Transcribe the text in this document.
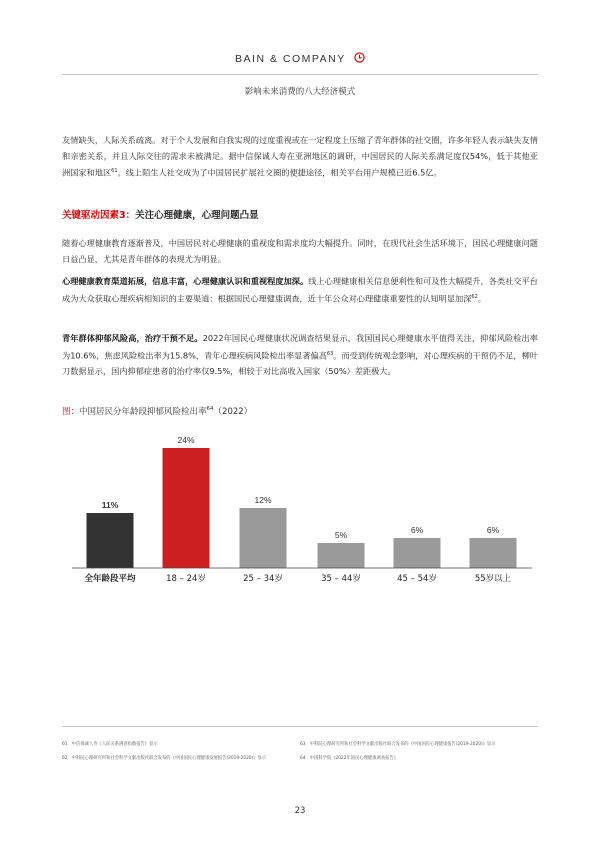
BAIN & COMPANY
影响未来消费的八大经济模式

友情缺失，人际关系疏离。对于个人发展和自我实现的过度重视或在一定程度上压缩了青年群体的社交圈，许多年轻人表示缺失友情和亲密关系，并且人际交往的需求未被满足。据中信保诚人寿在亚洲地区的调研，中国居民的人际关系满足度仅54%，低于其他亚洲国家和地区$^{61}$。线上陌生人社交成为了中国居民扩展社交圈的便捷途径，相关平台用户规模已近6.5亿。

关键驱动因素3：关注心理健康，心理问题凸显

随着心理健康教育逐渐普及，中国居民对心理健康的重视度和需求度均大幅提升。同时，在现代社会生活环境下，国民心理健康问题日益凸显，尤其是青年群体的表现尤为明显。

心理健康教育渠道拓展，信息丰富，心理健康认识和重视程度加深。线上心理健康相关信息便利性和可及性大幅提升，各类社交平台成为大众获取心理疾病相知识的主要渠道：根据国民心理健康调查，近十年公众对心理健康重要性的认知明显加深$^{62}$。

青年群体抑郁风险高，治疗干预不足。2022年国民心理健康状况调查结果显示，我国国民心理健康水平值得关注，抑郁风险检出率为10.6%，焦虑风险检出率为15.8%，青年心理疾病风险检出率显著偏高$^{63}$。而受到传统观念影响，对心理疾病的干预仍不足，柳叶刀数据显示，国内抑郁症患者的治疗率仅9.5%，相较于对比高收入国家（50%）差距极大。

图：中国居民分年龄段抑郁风险检出率$^{64}$（2022）
11%
全年龄段平均
24%
18 – 24岁
12%
25 – 34岁
5%
35 – 44岁
6%
45 – 54岁
6%
55岁以上
61　中信保诚人寿《人际关系满意指数报告》显示
62　中科院心理研究所和社会科学文献出版社联合发布的《中国国民心理健康发展报告(2019-2020)》显示
63　中科院心理研究所和社会科学文献出版社联合发布的《中国国民心理健康报告(2019-2020)》显示
64　中国科学院《2022年国民心理健康调查报告》
23
